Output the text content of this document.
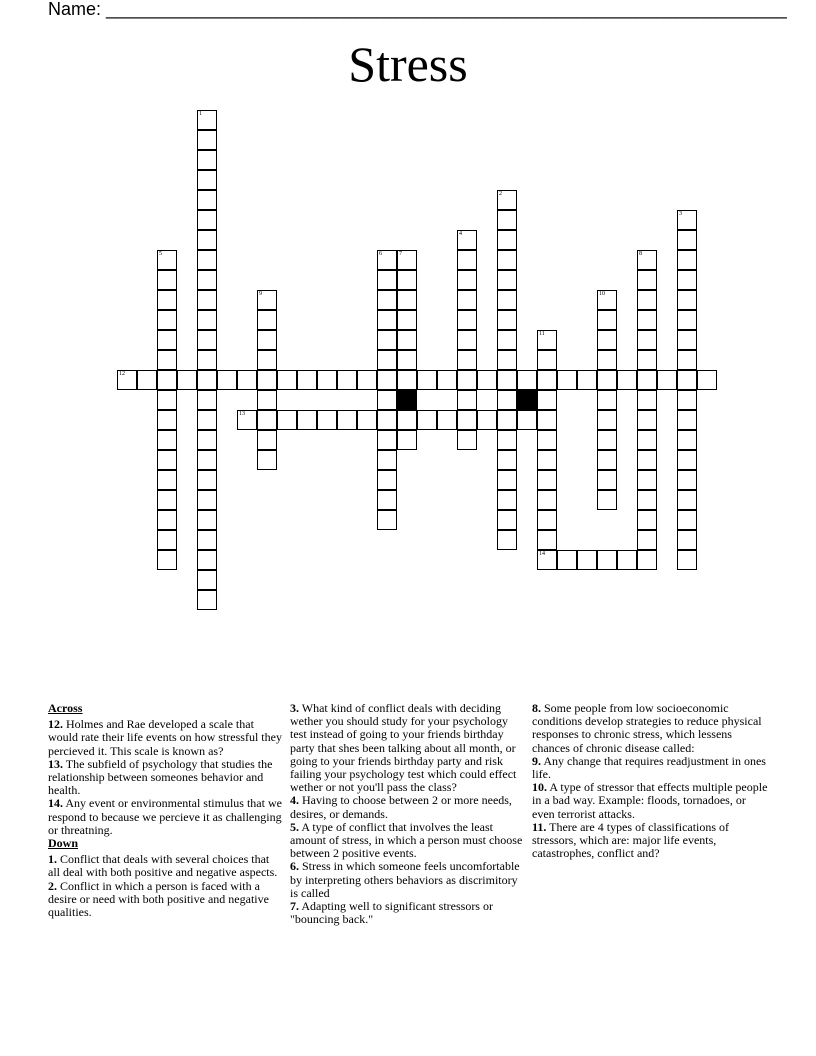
Name: ____________________________________________________________________
Stress
1
2
3
4
5	6	7	8
9	10
11
12
13
14
Across
12. Holmes and Rae developed a scale that would rate their life events on how stressful they percieved it. This scale is known as?
13. The subfield of psychology that studies the relationship between someones behavior and health.
14. Any event or environmental stimulus that we respond to because we percieve it as challenging or threatning.
Down
1. Conflict that deals with several choices that all deal with both positive and negative aspects.
2. Conflict in which a person is faced with a desire or need with both positive and negative qualities.
3. What kind of conflict deals with deciding wether you should study for your psychology test instead of going to your friends birthday party that shes been talking about all month, or going to your friends birthday party and risk failing your psychology test which could effect wether or not you'll pass the class?
4. Having to choose between 2 or more needs, desires, or demands.
5. A type of conflict that involves the least amount of stress, in which a person must choose between 2 positive events.
6. Stress in which someone feels uncomfortable by interpreting others behaviors as discrimitory is called
7. Adapting well to significant stressors or "bouncing back."
8. Some people from low socioeconomic conditions develop strategies to reduce physical responses to chronic stress, which lessens chances of chronic disease called:
9. Any change that requires readjustment in ones life.
10. A type of stressor that effects multiple people in a bad way. Example: floods, tornadoes, or even terrorist attacks.
11. There are 4 types of classifications of stressors, which are: major life events, catastrophes, conflict and?
